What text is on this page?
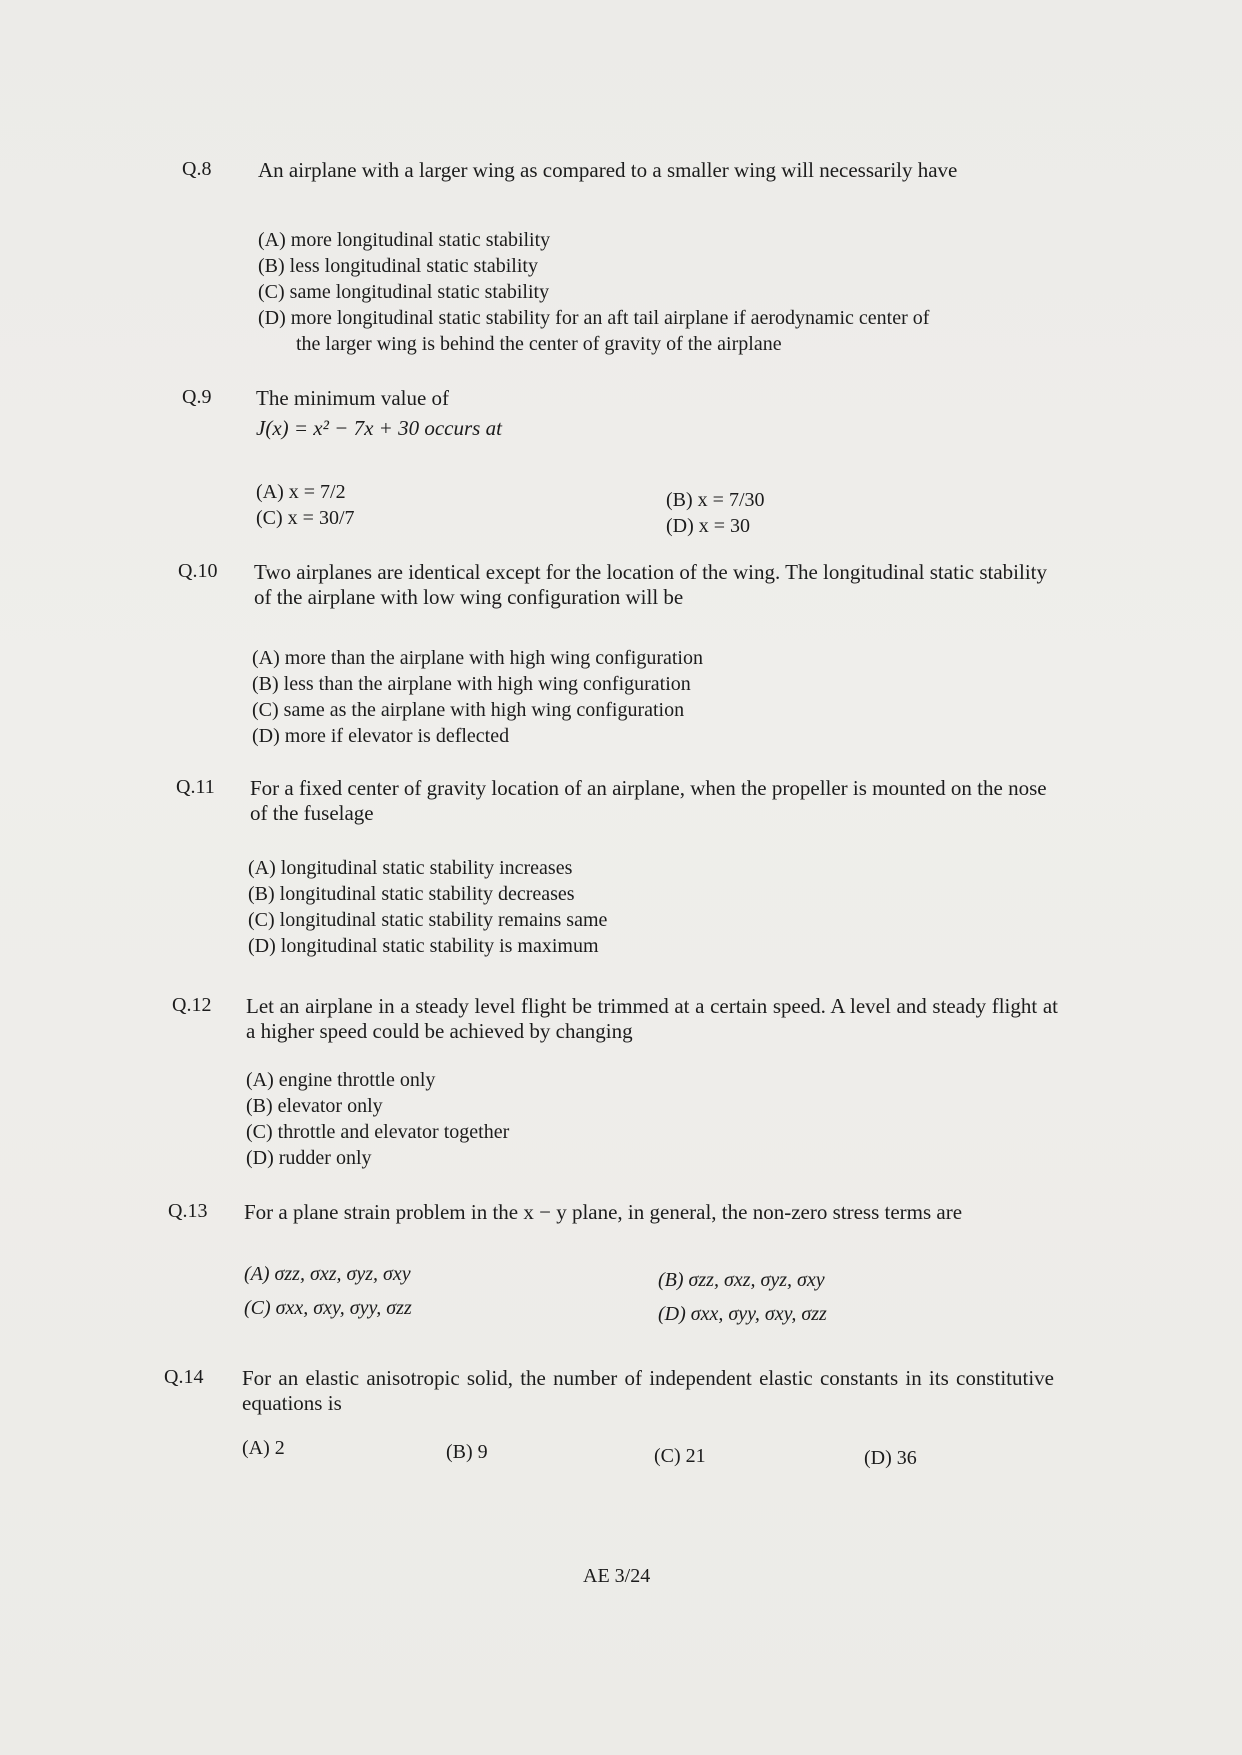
Q.8 An airplane with a larger wing as compared to a smaller wing will necessarily have
(A) more longitudinal static stability
(B) less longitudinal static stability
(C) same longitudinal static stability
(D) more longitudinal static stability for an aft tail airplane if aerodynamic center of
the larger wing is behind the center of gravity of the airplane
Q.9 The minimum value of
J(x) = x² − 7x + 30 occurs at
(A) x = 7/2	(B) x = 7/30
(C) x = 30/7	(D) x = 30
Q.10 Two airplanes are identical except for the location of the wing. The longitudinal static stability of the airplane with low wing configuration will be
(A) more than the airplane with high wing configuration
(B) less than the airplane with high wing configuration
(C) same as the airplane with high wing configuration
(D) more if elevator is deflected
Q.11 For a fixed center of gravity location of an airplane, when the propeller is mounted on the nose of the fuselage
(A) longitudinal static stability increases
(B) longitudinal static stability decreases
(C) longitudinal static stability remains same
(D) longitudinal static stability is maximum
Q.12 Let an airplane in a steady level flight be trimmed at a certain speed. A level and steady flight at a higher speed could be achieved by changing
(A) engine throttle only
(B) elevator only
(C) throttle and elevator together
(D) rudder only
Q.13 For a plane strain problem in the x − y plane, in general, the non-zero stress terms are
(A) σzz, σxz, σyz, σxy	(B) σzz, σxz, σyz, σxy
(C) σxx, σxy, σyy, σzz	(D) σxx, σyy, σxy, σzz
Q.14 For an elastic anisotropic solid, the number of independent elastic constants in its constitutive equations is
(A) 2	(B) 9	(C) 21	(D) 36
AE 3/24
